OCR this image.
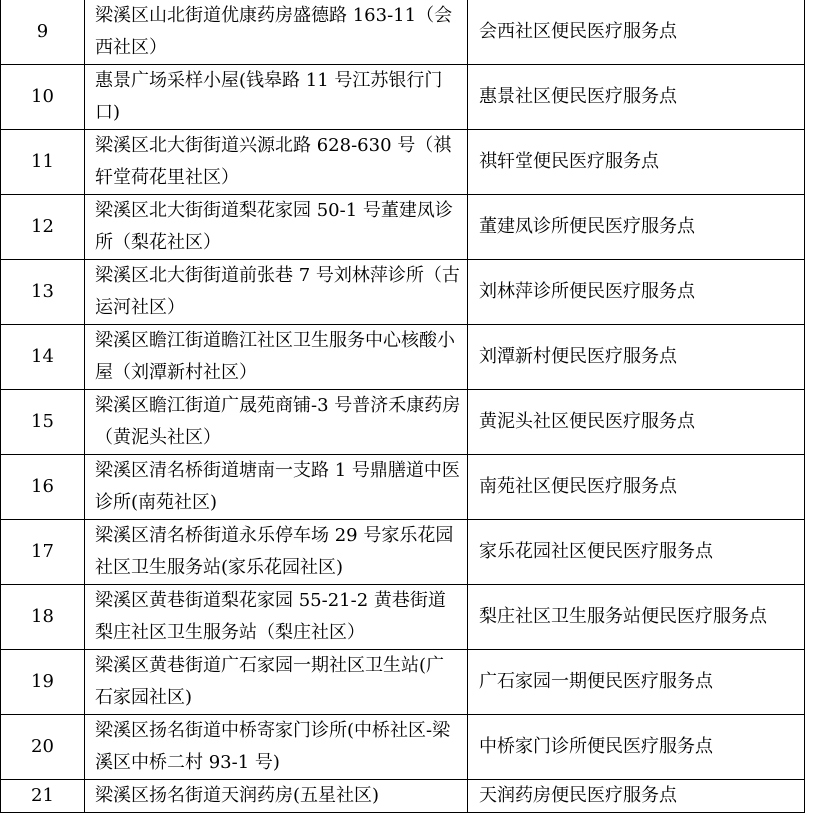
9	梁溪区山北街道优康药房盛德路 163-11（会西社区）	会西社区便民医疗服务点
10	惠景广场采样小屋(钱皋路 11 号江苏银行门口)	惠景社区便民医疗服务点
11	梁溪区北大街街道兴源北路 628-630 号（祺轩堂荷花里社区）	祺轩堂便民医疗服务点
12	梁溪区北大街街道梨花家园 50-1 号董建凤诊所（梨花社区）	董建凤诊所便民医疗服务点
13	梁溪区北大街街道前张巷 7 号刘林萍诊所（古运河社区）	刘林萍诊所便民医疗服务点
14	梁溪区瞻江街道瞻江社区卫生服务中心核酸小屋（刘潭新村社区）	刘潭新村便民医疗服务点
15	梁溪区瞻江街道广晟苑商铺-3 号普济禾康药房（黄泥头社区）	黄泥头社区便民医疗服务点
16	梁溪区清名桥街道塘南一支路 1 号鼎膳道中医诊所(南苑社区)	南苑社区便民医疗服务点
17	梁溪区清名桥街道永乐停车场 29 号家乐花园社区卫生服务站(家乐花园社区)	家乐花园社区便民医疗服务点
18	梁溪区黄巷街道梨花家园 55-21-2 黄巷街道梨庄社区卫生服务站（梨庄社区）	梨庄社区卫生服务站便民医疗服务点
19	梁溪区黄巷街道广石家园一期社区卫生站(广石家园社区)	广石家园一期便民医疗服务点
20	梁溪区扬名街道中桥寄家门诊所(中桥社区-梁溪区中桥二村 93-1 号)	中桥家门诊所便民医疗服务点
21	梁溪区扬名街道天润药房(五星社区)	天润药房便民医疗服务点
